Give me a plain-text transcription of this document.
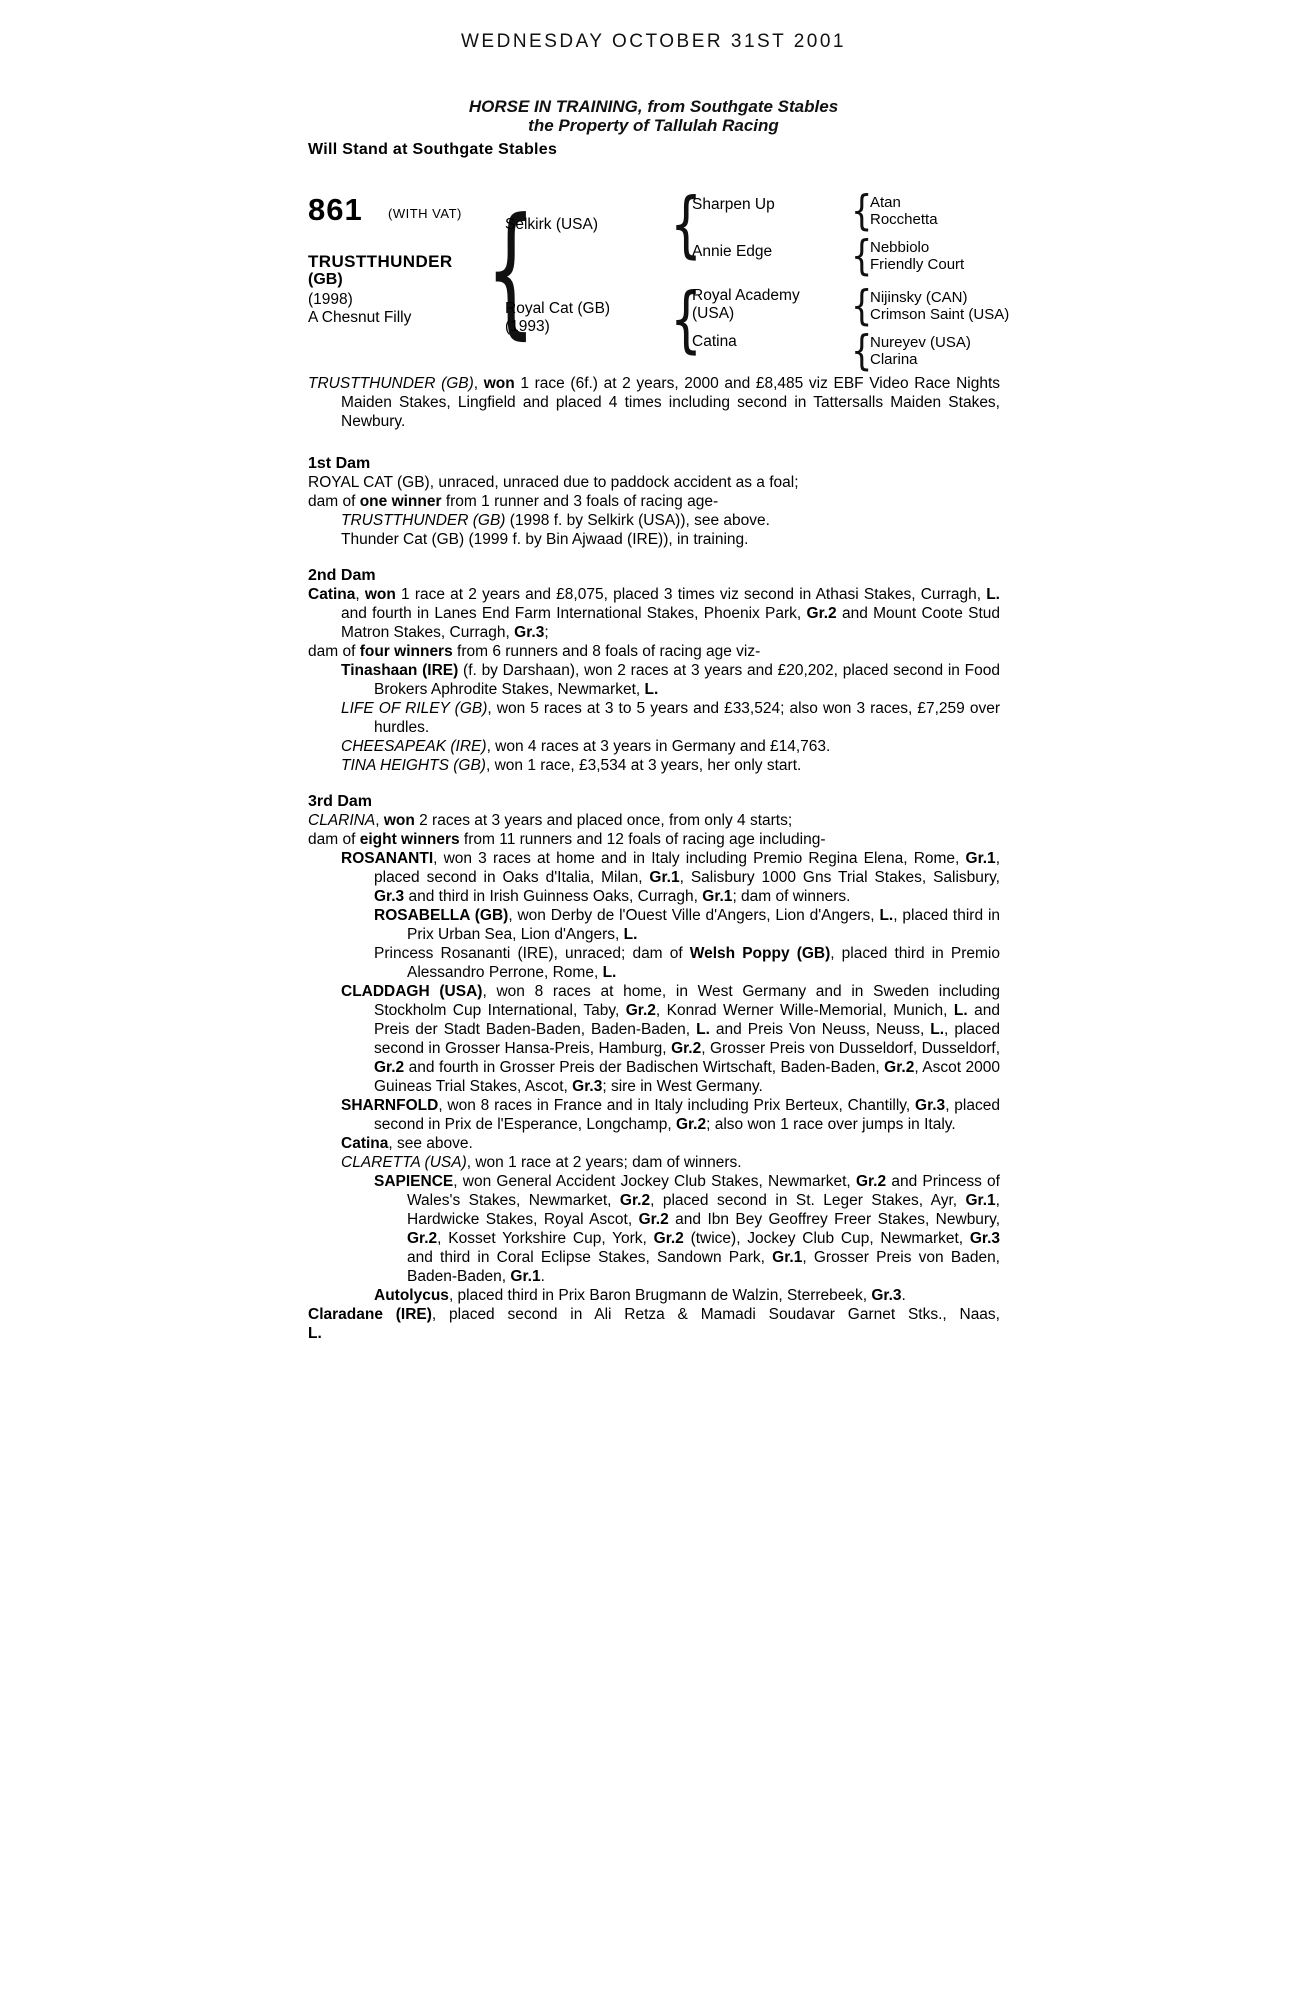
WEDNESDAY OCTOBER 31ST 2001
HORSE IN TRAINING, from Southgate Stables
the Property of Tallulah Racing
Will Stand at Southgate Stables
861 (WITH VAT)
TRUSTTHUNDER
(GB)
(1998)
A Chesnut Filly
{
{
{
{
{
{
{
Selkirk (USA)
Royal Cat (GB)
(1993)
Sharpen Up
Annie Edge
Royal Academy (USA)
Catina
Atan
Rocchetta
Nebbiolo
Friendly Court
Nijinsky (CAN)
Crimson Saint (USA)
Nureyev (USA)
Clarina
TRUSTTHUNDER (GB), won 1 race (6f.) at 2 years, 2000 and £8,485 viz EBF Video Race Nights Maiden Stakes, Lingfield and placed 4 times including second in Tattersalls Maiden Stakes, Newbury.
1st Dam
ROYAL CAT (GB), unraced, unraced due to paddock accident as a foal;
dam of one winner from 1 runner and 3 foals of racing age-
TRUSTTHUNDER (GB) (1998 f. by Selkirk (USA)), see above.
Thunder Cat (GB) (1999 f. by Bin Ajwaad (IRE)), in training.
2nd Dam
Catina, won 1 race at 2 years and £8,075, placed 3 times viz second in Athasi Stakes, Curragh, L. and fourth in Lanes End Farm International Stakes, Phoenix Park, Gr.2 and Mount Coote Stud Matron Stakes, Curragh, Gr.3;
dam of four winners from 6 runners and 8 foals of racing age viz-
Tinashaan (IRE) (f. by Darshaan), won 2 races at 3 years and £20,202, placed second in Food Brokers Aphrodite Stakes, Newmarket, L.
LIFE OF RILEY (GB), won 5 races at 3 to 5 years and £33,524; also won 3 races, £7,259 over hurdles.
CHEESAPEAK (IRE), won 4 races at 3 years in Germany and £14,763.
TINA HEIGHTS (GB), won 1 race, £3,534 at 3 years, her only start.
3rd Dam
CLARINA, won 2 races at 3 years and placed once, from only 4 starts;
dam of eight winners from 11 runners and 12 foals of racing age including-
ROSANANTI, won 3 races at home and in Italy including Premio Regina Elena, Rome, Gr.1, placed second in Oaks d'Italia, Milan, Gr.1, Salisbury 1000 Gns Trial Stakes, Salisbury, Gr.3 and third in Irish Guinness Oaks, Curragh, Gr.1; dam of winners.
ROSABELLA (GB), won Derby de l'Ouest Ville d'Angers, Lion d'Angers, L., placed third in Prix Urban Sea, Lion d'Angers, L.
Princess Rosananti (IRE), unraced; dam of Welsh Poppy (GB), placed third in Premio Alessandro Perrone, Rome, L.
CLADDAGH (USA), won 8 races at home, in West Germany and in Sweden including Stockholm Cup International, Taby, Gr.2, Konrad Werner Wille-Memorial, Munich, L. and Preis der Stadt Baden-Baden, Baden-Baden, L. and Preis Von Neuss, Neuss, L., placed second in Grosser Hansa-Preis, Hamburg, Gr.2, Grosser Preis von Dusseldorf, Dusseldorf, Gr.2 and fourth in Grosser Preis der Badischen Wirtschaft, Baden-Baden, Gr.2, Ascot 2000 Guineas Trial Stakes, Ascot, Gr.3; sire in West Germany.
SHARNFOLD, won 8 races in France and in Italy including Prix Berteux, Chantilly, Gr.3, placed second in Prix de l'Esperance, Longchamp, Gr.2; also won 1 race over jumps in Italy.
Catina, see above.
CLARETTA (USA), won 1 race at 2 years; dam of winners.
SAPIENCE, won General Accident Jockey Club Stakes, Newmarket, Gr.2 and Princess of Wales's Stakes, Newmarket, Gr.2, placed second in St. Leger Stakes, Ayr, Gr.1, Hardwicke Stakes, Royal Ascot, Gr.2 and Ibn Bey Geoffrey Freer Stakes, Newbury, Gr.2, Kosset Yorkshire Cup, York, Gr.2 (twice), Jockey Club Cup, Newmarket, Gr.3 and third in Coral Eclipse Stakes, Sandown Park, Gr.1, Grosser Preis von Baden, Baden-Baden, Gr.1.
Autolycus, placed third in Prix Baron Brugmann de Walzin, Sterrebeek, Gr.3.
Claradane (IRE), placed second in Ali Retza & Mamadi Soudavar Garnet Stks., Naas,
L.
